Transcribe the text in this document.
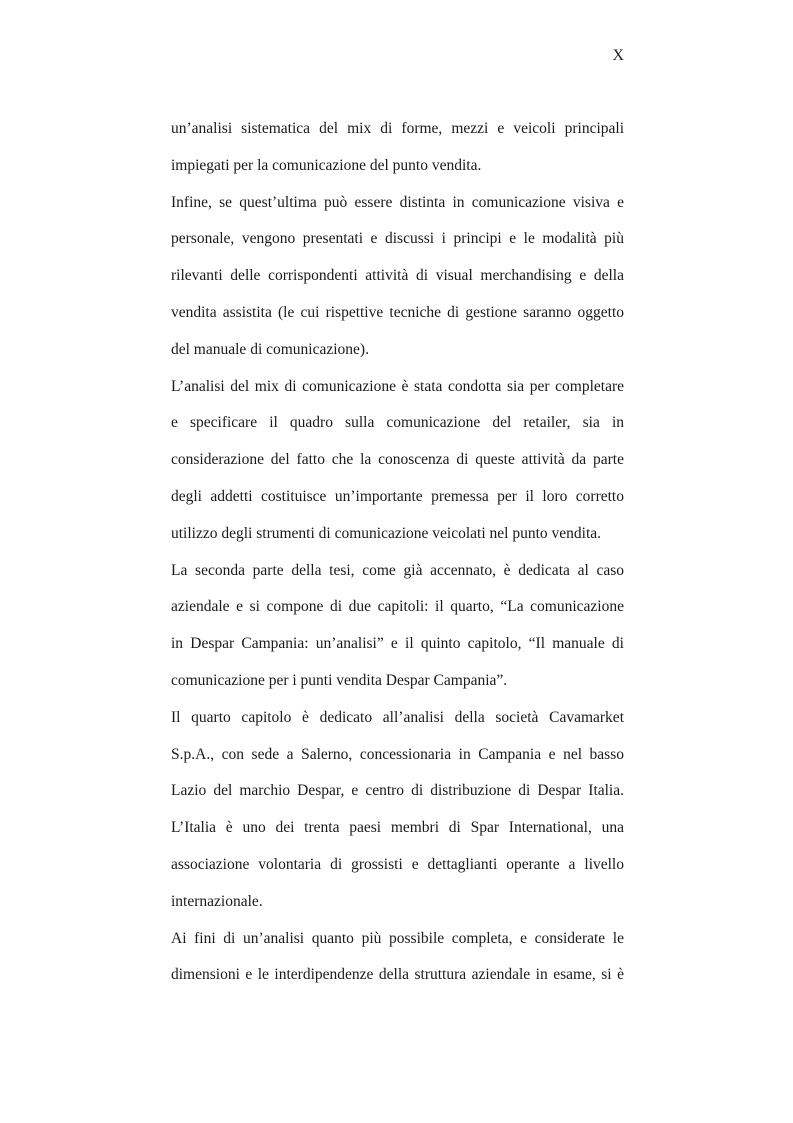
X
un’analisi sistematica del mix di forme, mezzi e veicoli principali
impiegati per la comunicazione del punto vendita.
Infine, se quest’ultima può essere distinta in comunicazione visiva e
personale, vengono presentati e discussi i principi e le modalità più
rilevanti delle corrispondenti attività di visual merchandising e della
vendita assistita (le cui rispettive tecniche di gestione saranno oggetto
del manuale di comunicazione).
L’analisi del mix di comunicazione è stata condotta sia per completare
e specificare il quadro sulla comunicazione del retailer, sia in
considerazione del fatto che la conoscenza di queste attività da parte
degli addetti costituisce un’importante premessa per il loro corretto
utilizzo degli strumenti di comunicazione veicolati nel punto vendita.
La seconda parte della tesi, come già accennato, è dedicata al caso
aziendale e si compone di due capitoli: il quarto, “La comunicazione
in Despar Campania: un’analisi” e il quinto capitolo, “Il manuale di
comunicazione per i punti vendita Despar Campania”.
Il quarto capitolo è dedicato all’analisi della società Cavamarket
S.p.A., con sede a Salerno, concessionaria in Campania e nel basso
Lazio del marchio Despar, e centro di distribuzione di Despar Italia.
L’Italia è uno dei trenta paesi membri di Spar International, una
associazione volontaria di grossisti e dettaglianti operante a livello
internazionale.
Ai fini di un’analisi quanto più possibile completa, e considerate le
dimensioni e le interdipendenze della struttura aziendale in esame, si è
